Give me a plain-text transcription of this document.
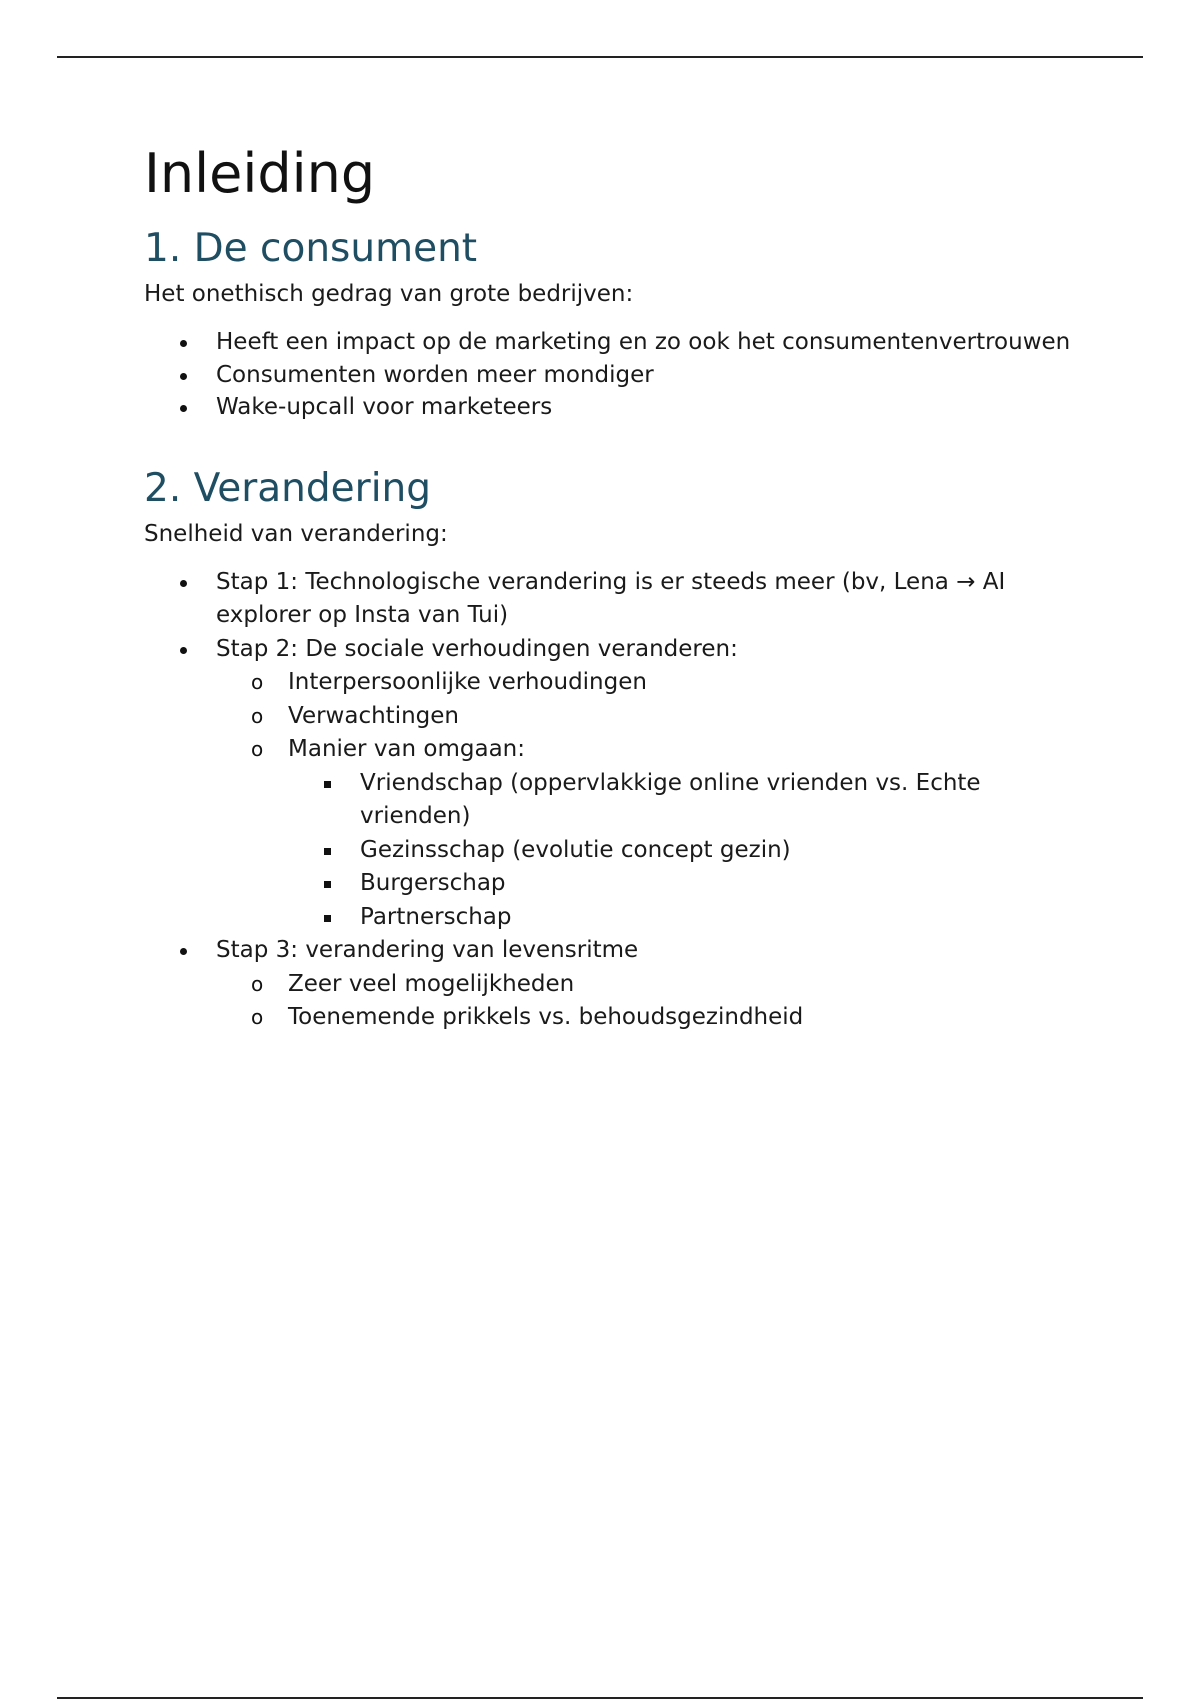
Inleiding
1. De consument

Het onethisch gedrag van grote bedrijven:

Heeft een impact op de marketing en zo ook het consumentenvertrouwen
Consumenten worden meer mondiger
Wake-upcall voor marketeers
2. Verandering

Snelheid van verandering:

Stap 1: Technologische verandering is er steeds meer (bv, Lena → AI explorer op Insta van Tui)
Stap 2: De sociale verhoudingen veranderen:
o Interpersoonlijke verhoudingen
o Verwachtingen
o Manier van omgaan:
Vriendschap (oppervlakkige online vrienden vs. Echte vrienden)
Gezinsschap (evolutie concept gezin)
Burgerschap
Partnerschap
Stap 3: verandering van levensritme
o Zeer veel mogelijkheden
o Toenemende prikkels vs. behoudsgezindheid
